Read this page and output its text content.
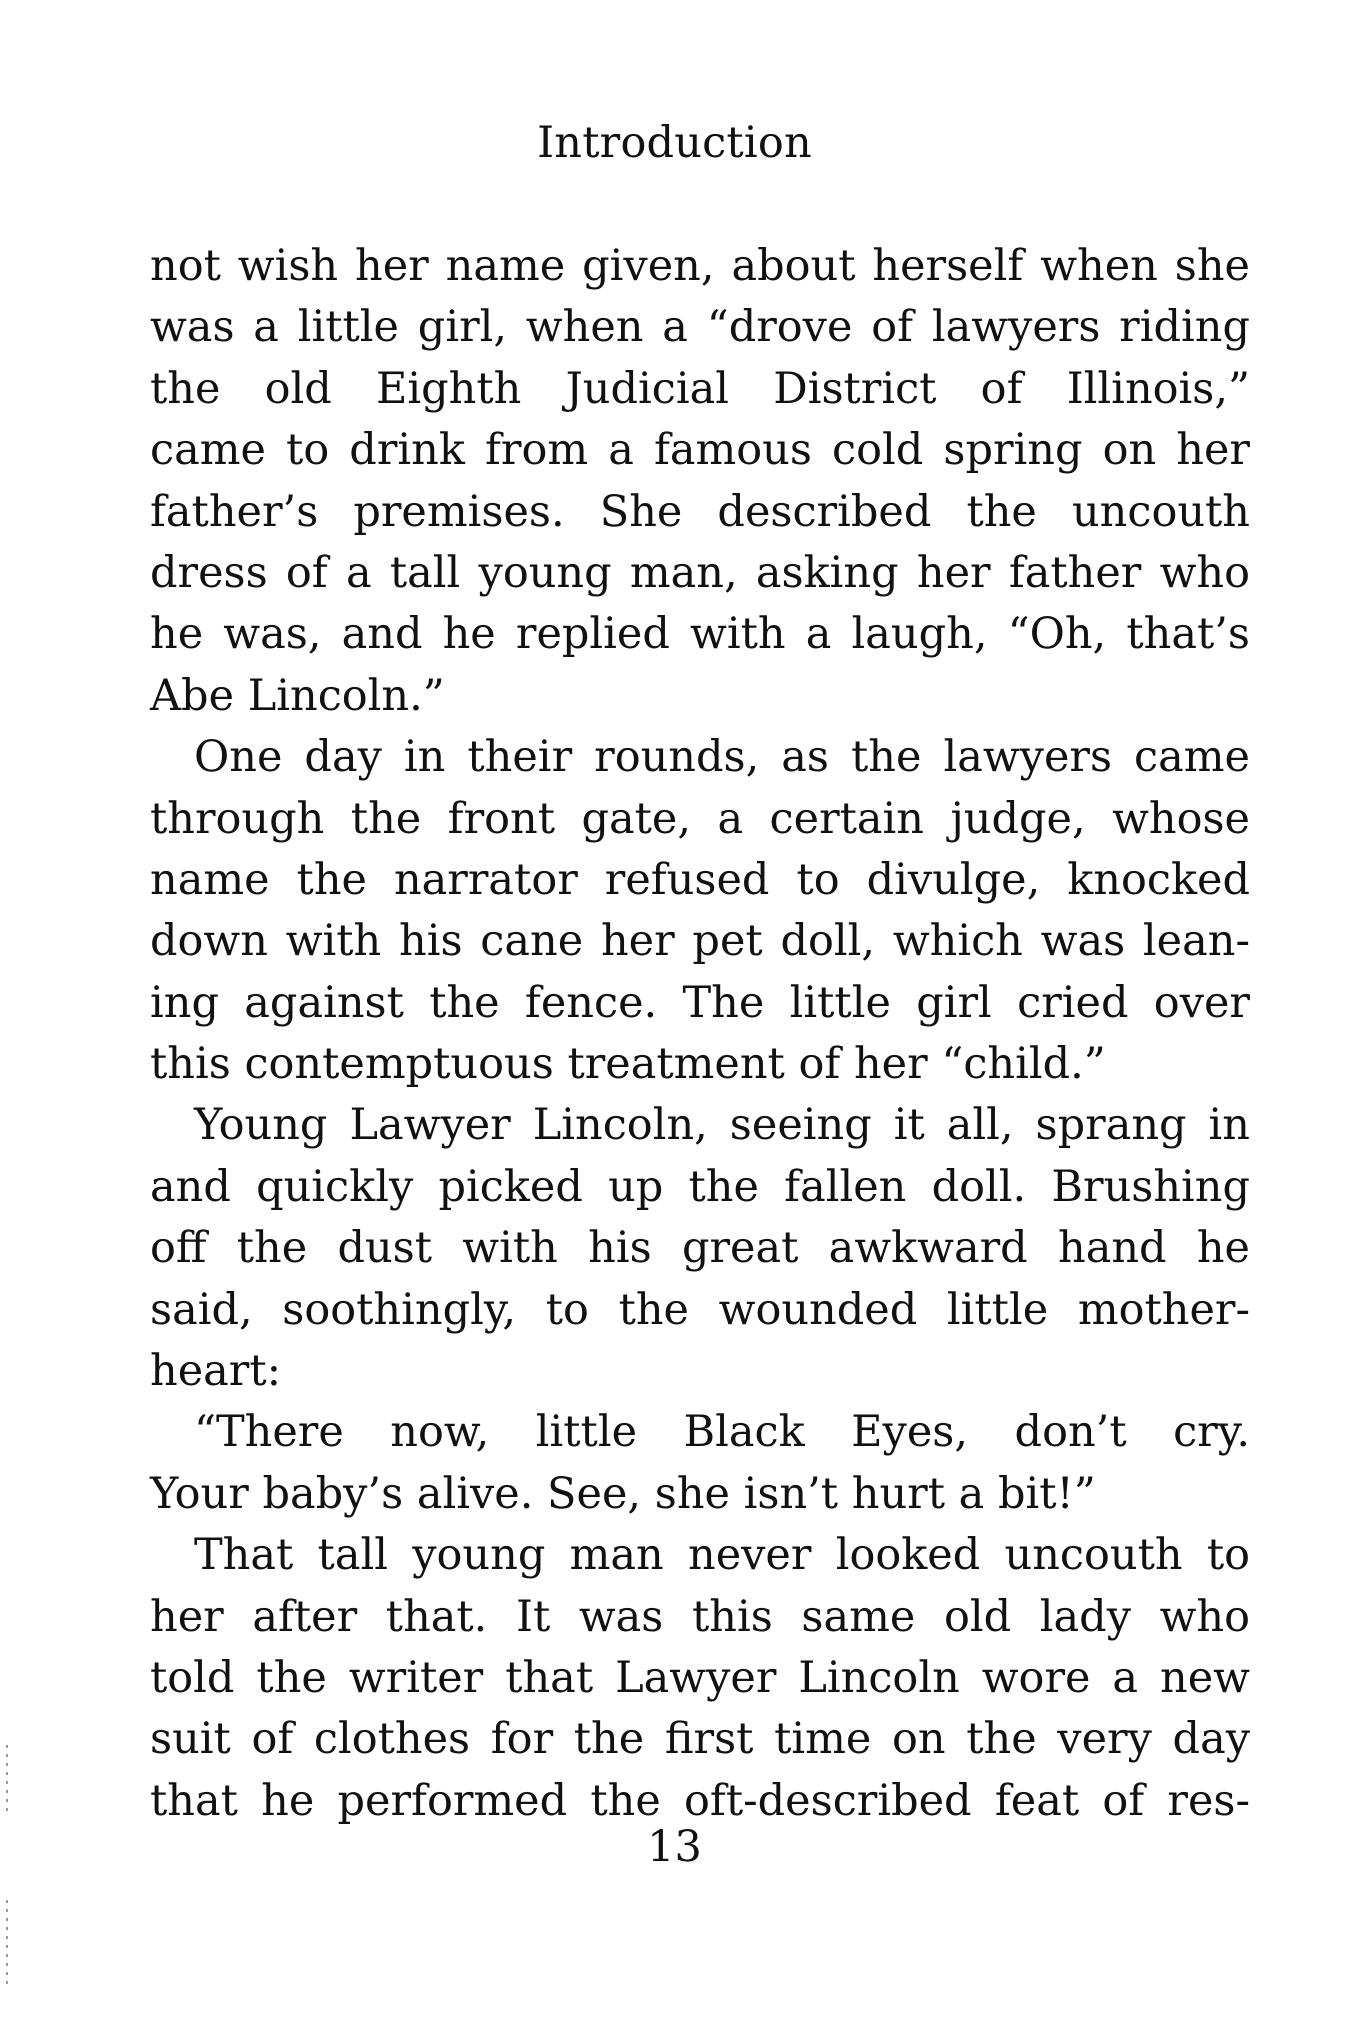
Introduction
not wish her name given, about herself when she
was a little girl, when a “drove of lawyers riding
the old Eighth Judicial District of Illinois,”
came to drink from a famous cold spring on her
father’s premises. She described the uncouth
dress of a tall young man, asking her father who
he was, and he replied with a laugh, “Oh, that’s
Abe Lincoln.”
One day in their rounds, as the lawyers came
through the front gate, a certain judge, whose
name the narrator refused to divulge, knocked
down with his cane her pet doll, which was lean-
ing against the fence. The little girl cried over
this contemptuous treatment of her “child.”
Young Lawyer Lincoln, seeing it all, sprang in
and quickly picked up the fallen doll. Brushing
off the dust with his great awkward hand he
said, soothingly, to the wounded little mother-
heart:
“There now, little Black Eyes, don’t cry.
Your baby’s alive. See, she isn’t hurt a bit!”
That tall young man never looked uncouth to
her after that. It was this same old lady who
told the writer that Lawyer Lincoln wore a new
suit of clothes for the first time on the very day
that he performed the oft-described feat of res-
13
